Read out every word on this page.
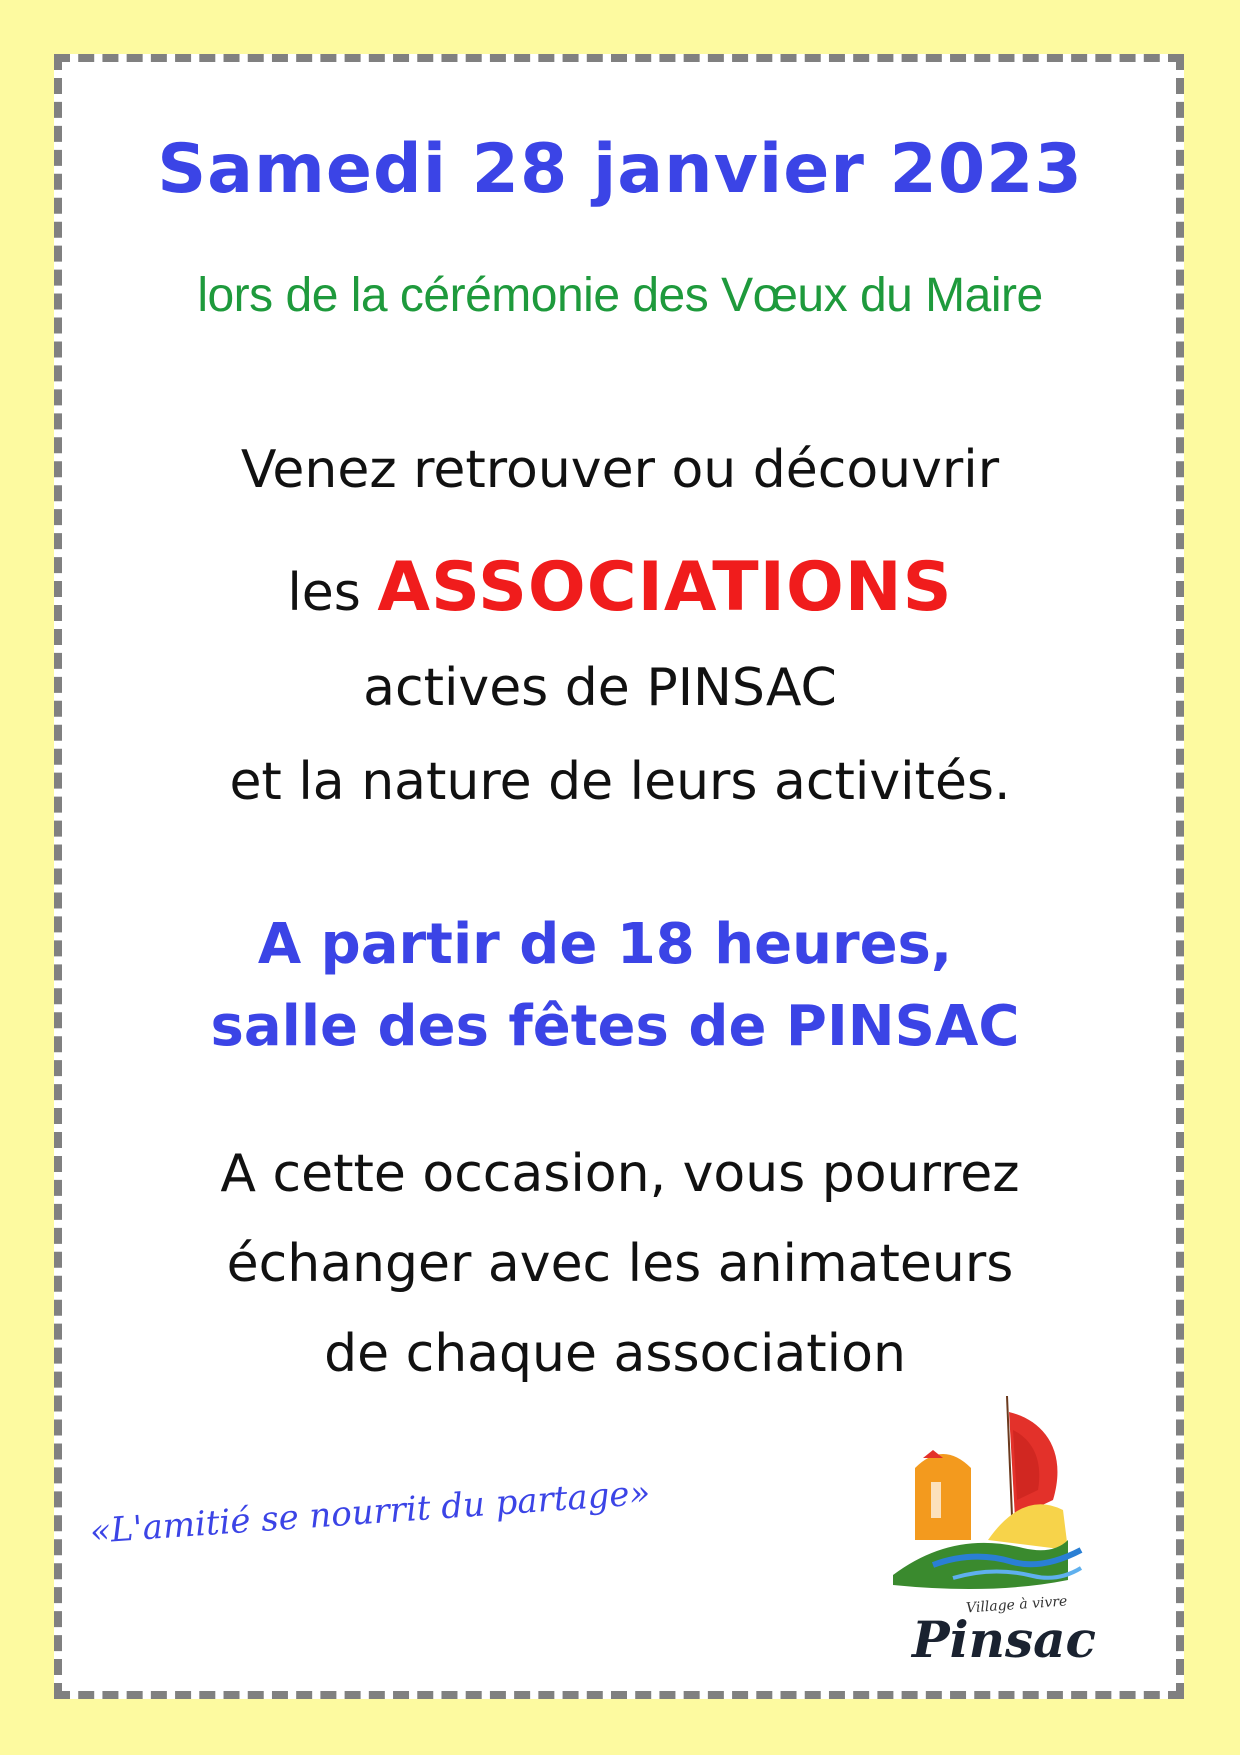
Samedi 28 janvier 2023
lors de la cérémonie des Vœux du Maire
Venez retrouver ou découvrir
les ASSOCIATIONS
actives de PINSAC
et la nature de leurs activités.
A partir de 18 heures,
salle des fêtes de PINSAC
A cette occasion, vous pourrez
échanger avec les animateurs
de chaque association
«L'amitié se nourrit du partage»
Village à vivre
Pinsac
